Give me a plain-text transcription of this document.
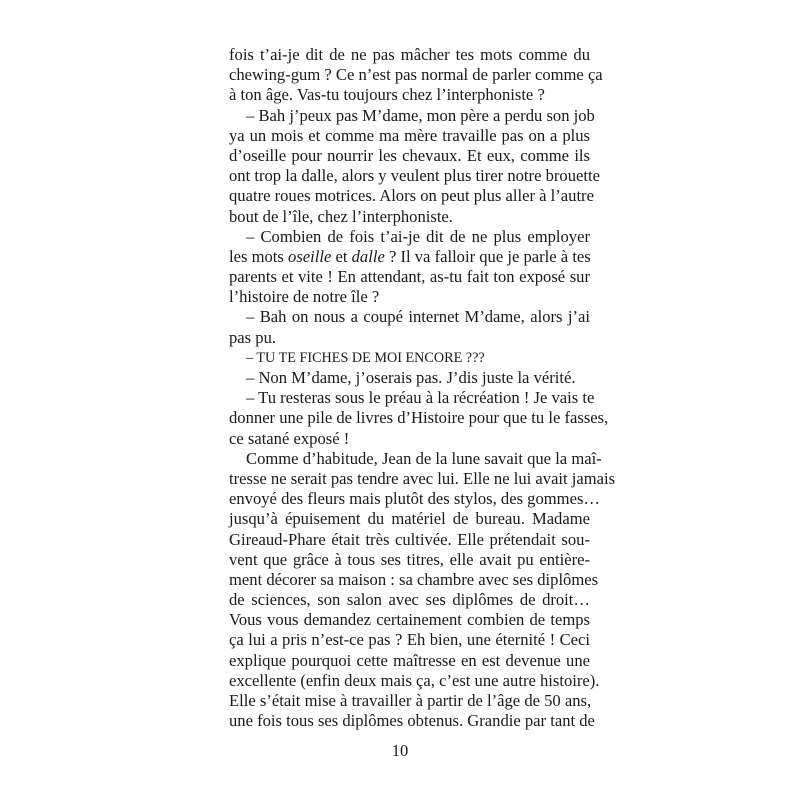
fois t’ai-je dit de ne pas mâcher tes mots comme du
chewing-gum ? Ce n’est pas normal de parler comme ça
à ton âge. Vas-tu toujours chez l’interphoniste ?
– Bah j’peux pas M’dame, mon père a perdu son job
ya un mois et comme ma mère travaille pas on a plus
d’oseille pour nourrir les chevaux. Et eux, comme ils
ont trop la dalle, alors y veulent plus tirer notre brouette
quatre roues motrices. Alors on peut plus aller à l’autre
bout de l’île, chez l’interphoniste.
– Combien de fois t’ai-je dit de ne plus employer
les mots oseille et dalle ? Il va falloir que je parle à tes
parents et vite ! En attendant, as-tu fait ton exposé sur
l’histoire de notre île ?
– Bah on nous a coupé internet M’dame, alors j’ai
pas pu.
– TU TE FICHES DE MOI ENCORE ???
– Non M’dame, j’oserais pas. J’dis juste la vérité.
– Tu resteras sous le préau à la récréation ! Je vais te
donner une pile de livres d’Histoire pour que tu le fasses,
ce satané exposé !
Comme d’habitude, Jean de la lune savait que la maî-
tresse ne serait pas tendre avec lui. Elle ne lui avait jamais
envoyé des fleurs mais plutôt des stylos, des gommes…
jusqu’à épuisement du matériel de bureau. Madame
Gireaud-Phare était très cultivée. Elle prétendait sou-
vent que grâce à tous ses titres, elle avait pu entière-
ment décorer sa maison : sa chambre avec ses diplômes
de sciences, son salon avec ses diplômes de droit…
Vous vous demandez certainement combien de temps
ça lui a pris n’est-ce pas ? Eh bien, une éternité ! Ceci
explique pourquoi cette maîtresse en est devenue une
excellente (enfin deux mais ça, c’est une autre histoire).
Elle s’était mise à travailler à partir de l’âge de 50 ans,
une fois tous ses diplômes obtenus. Grandie par tant de
10
